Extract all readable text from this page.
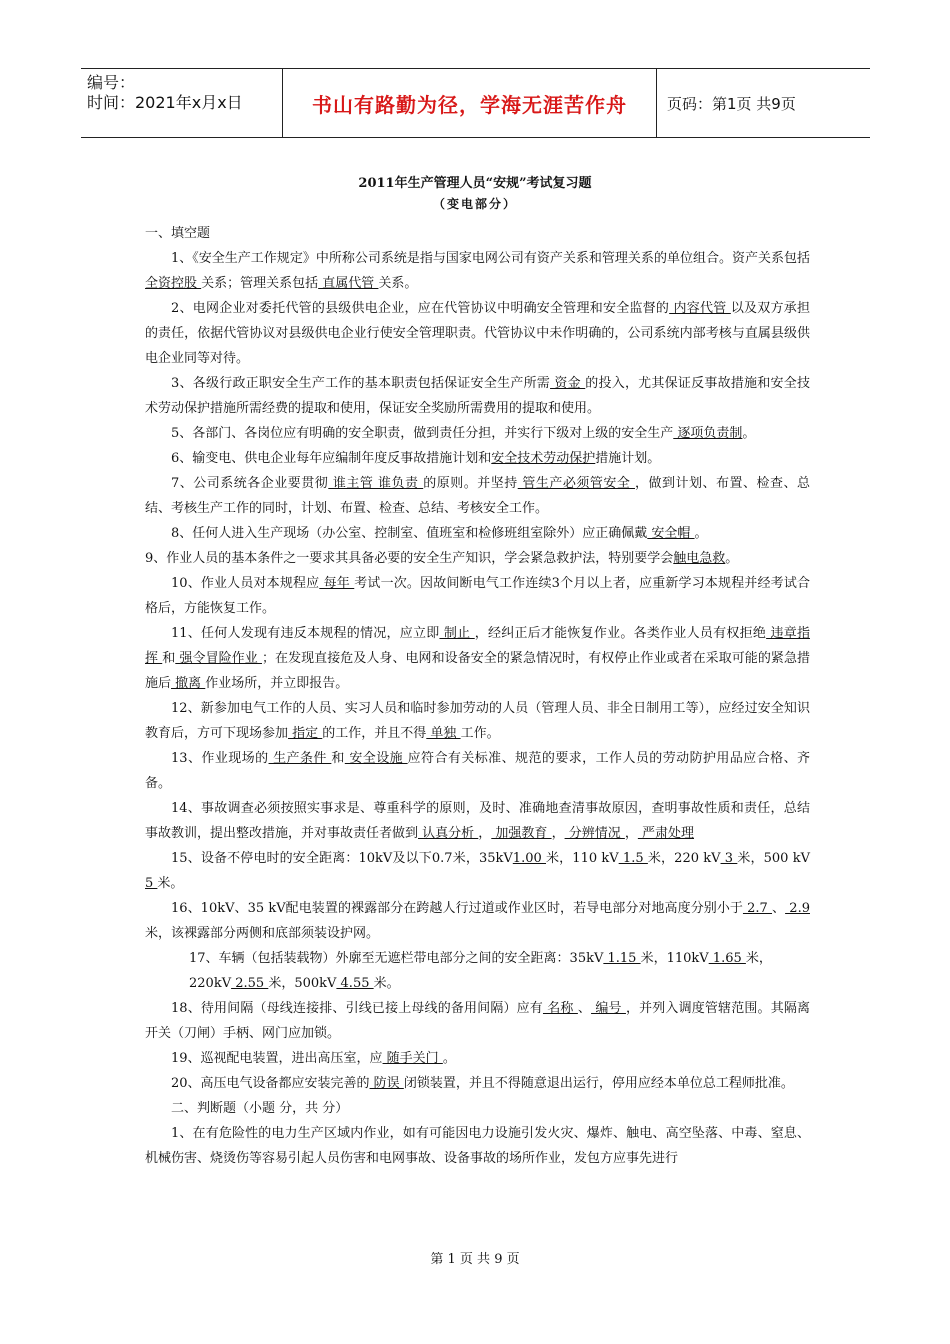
编号：
时间：2021年x月x日	书山有路勤为径，学海无涯苦作舟	页码：第1页 共9页
2011年生产管理人员“安规”考试复习题
（变电部分）

一、填空题

1、《安全生产工作规定》中所称公司系统是指与国家电网公司有资产关系和管理关系的单位组合。资产关系包括 全资控股 关系；管理关系包括 直属代管 关系。

2、电网企业对委托代管的县级供电企业，应在代管协议中明确安全管理和安全监督的 内容代管 以及双方承担的责任，依据代管协议对县级供电企业行使安全管理职责。代管协议中未作明确的，公司系统内部考核与直属县级供电企业同等对待。

3、各级行政正职安全生产工作的基本职责包括保证安全生产所需 资金 的投入，尤其保证反事故措施和安全技术劳动保护措施所需经费的提取和使用，保证安全奖励所需费用的提取和使用。

5、各部门、各岗位应有明确的安全职责，做到责任分担，并实行下级对上级的安全生产 逐项负责制。

6、输变电、供电企业每年应编制年度反事故措施计划和安全技术劳动保护措施计划。

7、公司系统各企业要贯彻 谁主管 谁负责 的原则。并坚持 管生产必须管安全 ，做到计划、布置、检查、总结、考核生产工作的同时，计划、布置、检查、总结、考核安全工作。

8、任何人进入生产现场（办公室、控制室、值班室和检修班组室除外）应正确佩戴 安全帽 。

9、作业人员的基本条件之一要求其具备必要的安全生产知识，学会紧急救护法，特别要学会触电急救。

10、作业人员对本规程应 每年 考试一次。因故间断电气工作连续3个月以上者，应重新学习本规程并经考试合格后，方能恢复工作。

11、任何人发现有违反本规程的情况，应立即 制止 ，经纠正后才能恢复作业。各类作业人员有权拒绝 违章指挥 和 强令冒险作业 ；在发现直接危及人身、电网和设备安全的紧急情况时，有权停止作业或者在采取可能的紧急措施后 撤离 作业场所，并立即报告。

12、新参加电气工作的人员、实习人员和临时参加劳动的人员（管理人员、非全日制用工等），应经过安全知识教育后，方可下现场参加 指定 的工作，并且不得 单独 工作。

13、作业现场的 生产条件 和 安全设施 应符合有关标准、规范的要求，工作人员的劳动防护用品应合格、齐备。

14、事故调查必须按照实事求是、尊重科学的原则，及时、准确地查清事故原因，查明事故性质和责任，总结事故教训，提出整改措施，并对事故责任者做到 认真分析 ， 加强教育 ， 分辨情况 ， 严肃处理

15、设备不停电时的安全距离：10kV及以下0.7米，35kV1.00 米，110 kV 1.5 米，220 kV 3 米，500 kV 5 米。

16、10kV、35 kV配电装置的裸露部分在跨越人行过道或作业区时，若导电部分对地高度分别小于 2.7 、 2.9 米，该裸露部分两侧和底部须装设护网。

17、车辆（包括装载物）外廓至无遮栏带电部分之间的安全距离：35kV 1.15 米，110kV 1.65 米，

220kV 2.55 米，500kV 4.55 米。

18、待用间隔（母线连接排、引线已接上母线的备用间隔）应有 名称 、 编号 ，并列入调度管辖范围。其隔离开关（刀闸）手柄、网门应加锁。

19、巡视配电装置，进出高压室，应 随手关门 。

20、高压电气设备都应安装完善的 防误 闭锁装置，并且不得随意退出运行，停用应经本单位总工程师批准。

二、判断题（小题 分，共 分）

1、在有危险性的电力生产区域内作业，如有可能因电力设施引发火灾、爆炸、触电、高空坠落、中毒、窒息、机械伤害、烧烫伤等容易引起人员伤害和电网事故、设备事故的场所作业，发包方应事先进行

第 1 页 共 9 页
